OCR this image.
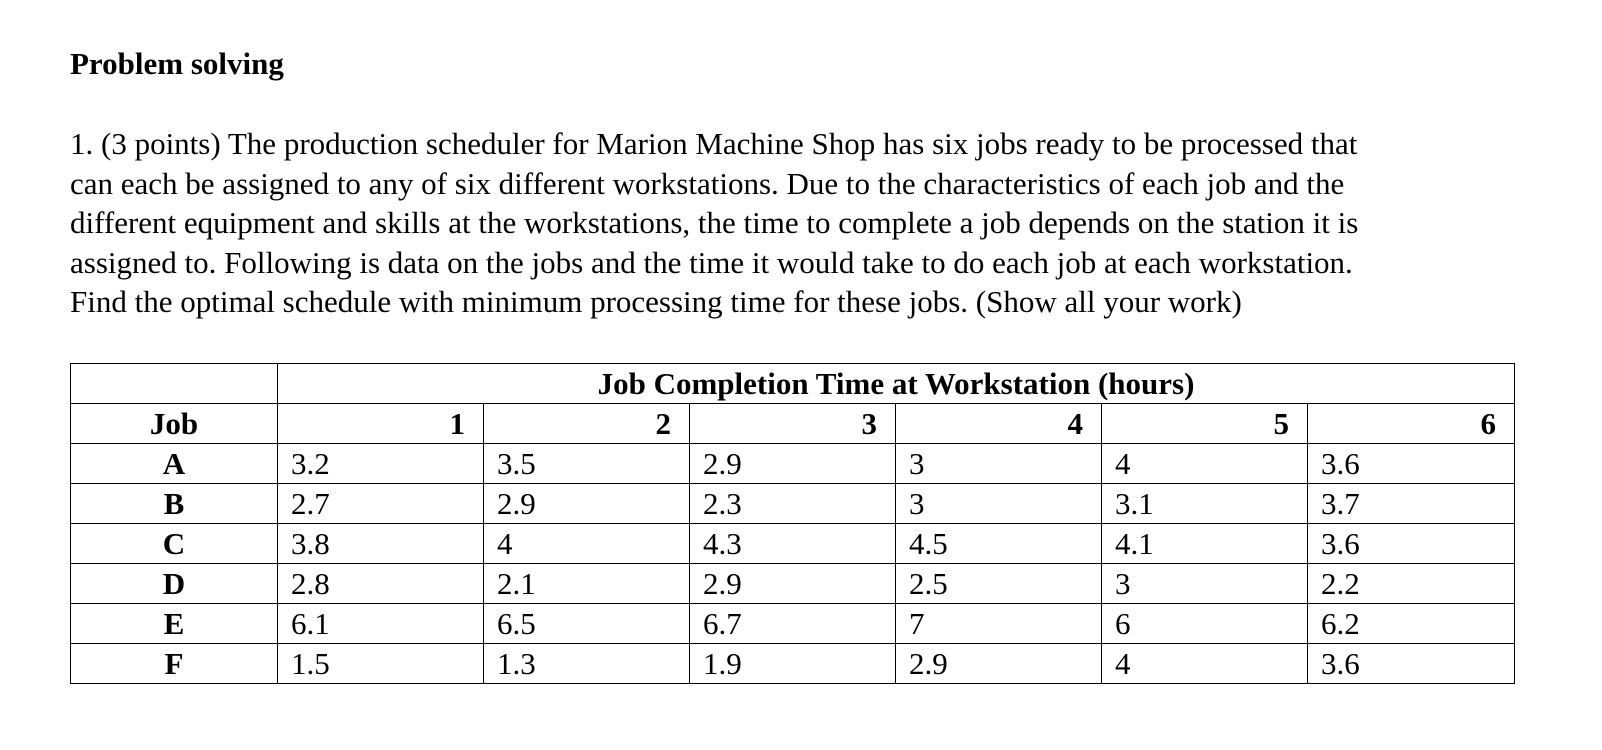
Problem solving

1. (3 points) The production scheduler for Marion Machine Shop has six jobs ready to be processed that
can each be assigned to any of six different workstations. Due to the characteristics of each job and the
different equipment and skills at the workstations, the time to complete a job depends on the station it is
assigned to. Following is data on the jobs and the time it would take to do each job at each workstation.
Find the optimal schedule with minimum processing time for these jobs. (Show all your work)

	Job Completion Time at Workstation (hours)					
Job	1	2	3	4	5	6
A	3.2	3.5	2.9	3	4	3.6
B	2.7	2.9	2.3	3	3.1	3.7
C	3.8	4	4.3	4.5	4.1	3.6
D	2.8	2.1	2.9	2.5	3	2.2
E	6.1	6.5	6.7	7	6	6.2
F	1.5	1.3	1.9	2.9	4	3.6
